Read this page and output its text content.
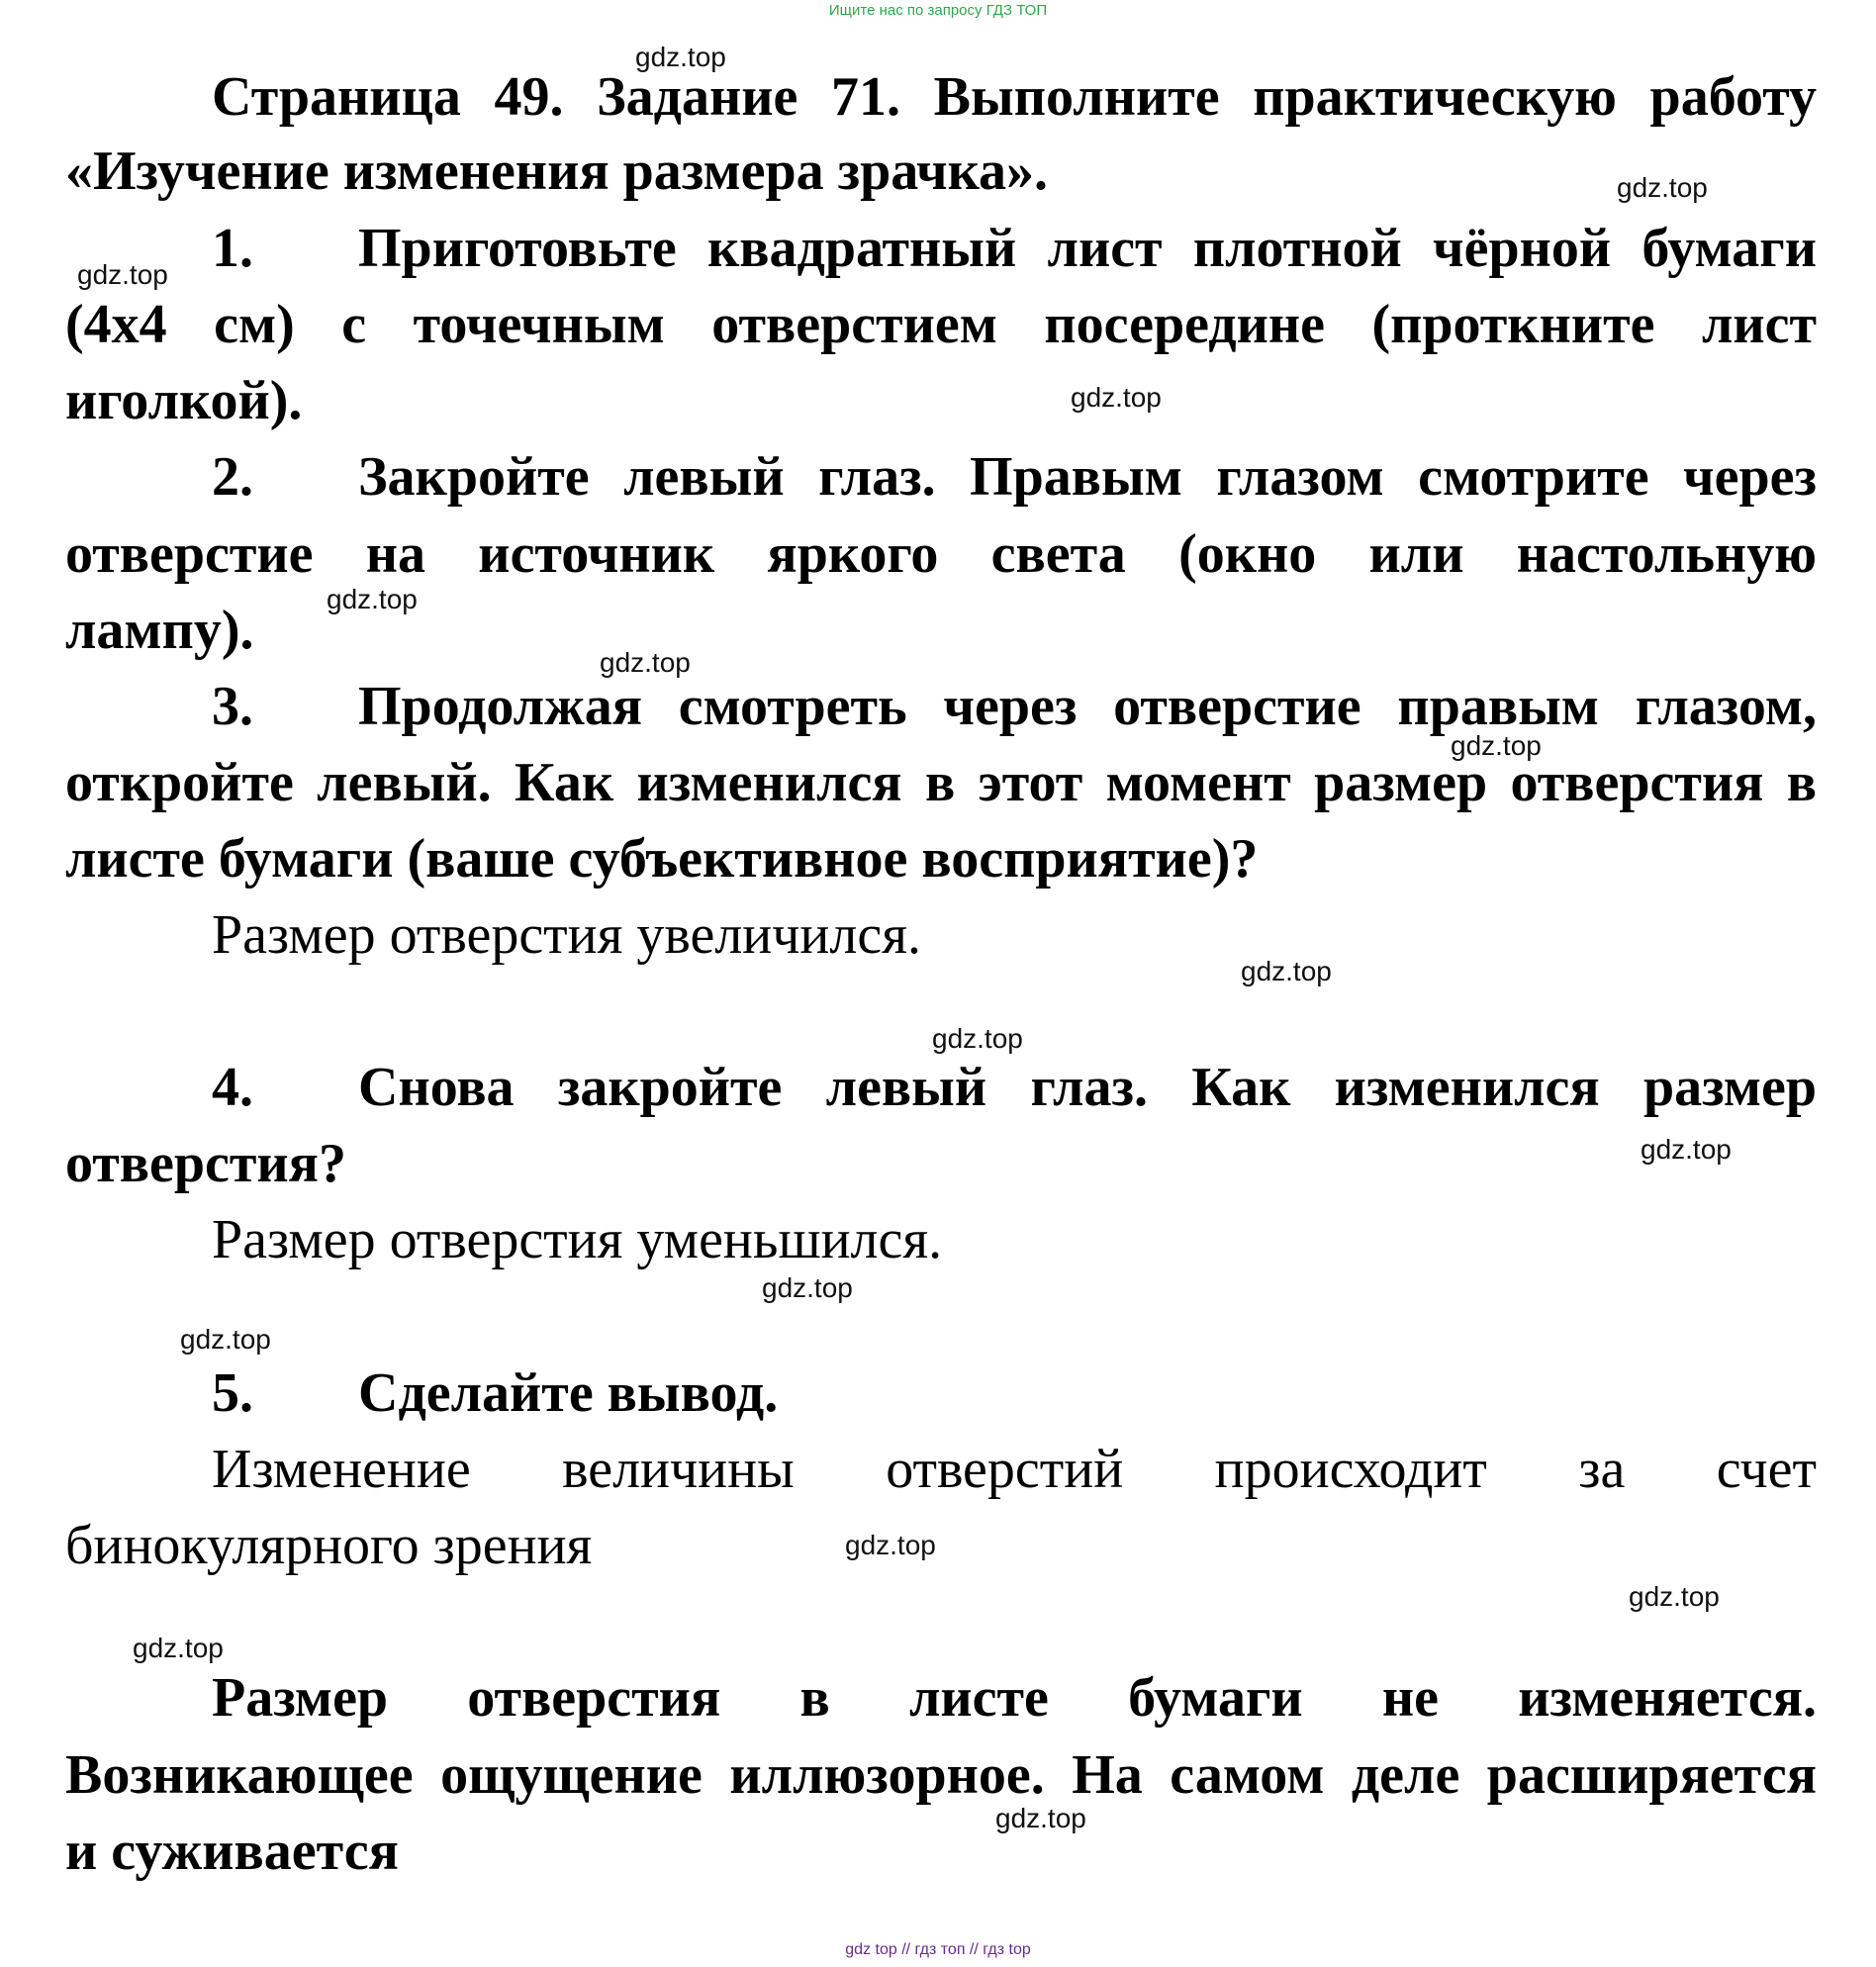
Ищите нас по запросу ГДЗ ТОП
Страница 49. Задание 71. Выполните практическую работу
«Изучение изменения размера зрачка».
1. Приготовьте квадратный лист плотной чёрной бумаги
(4х4 см) с точечным отверстием посередине (проткните лист
иголкой).
2. Закройте левый глаз. Правым глазом смотрите через
отверстие на источник яркого света (окно или настольную
лампу).
3. Продолжая смотреть через отверстие правым глазом,
откройте левый. Как изменился в этот момент размер отверстия в
листе бумаги (ваше субъективное восприятие)?
Размер отверстия увеличился.
4. Снова закройте левый глаз. Как изменился размер
отверстия?
Размер отверстия уменьшился.
5. Сделайте вывод.
Изменение величины отверстий происходит за счет
бинокулярного зрения
Размер отверстия в листе бумаги не изменяется.
Возникающее ощущение иллюзорное. На самом деле расширяется
и суживается
gdz.top
gdz.top
gdz.top
gdz.top
gdz.top
gdz.top
gdz.top
gdz.top
gdz.top
gdz.top
gdz.top
gdz.top
gdz.top
gdz.top
gdz.top
gdz.top
gdz top // гдз топ // гдз top
